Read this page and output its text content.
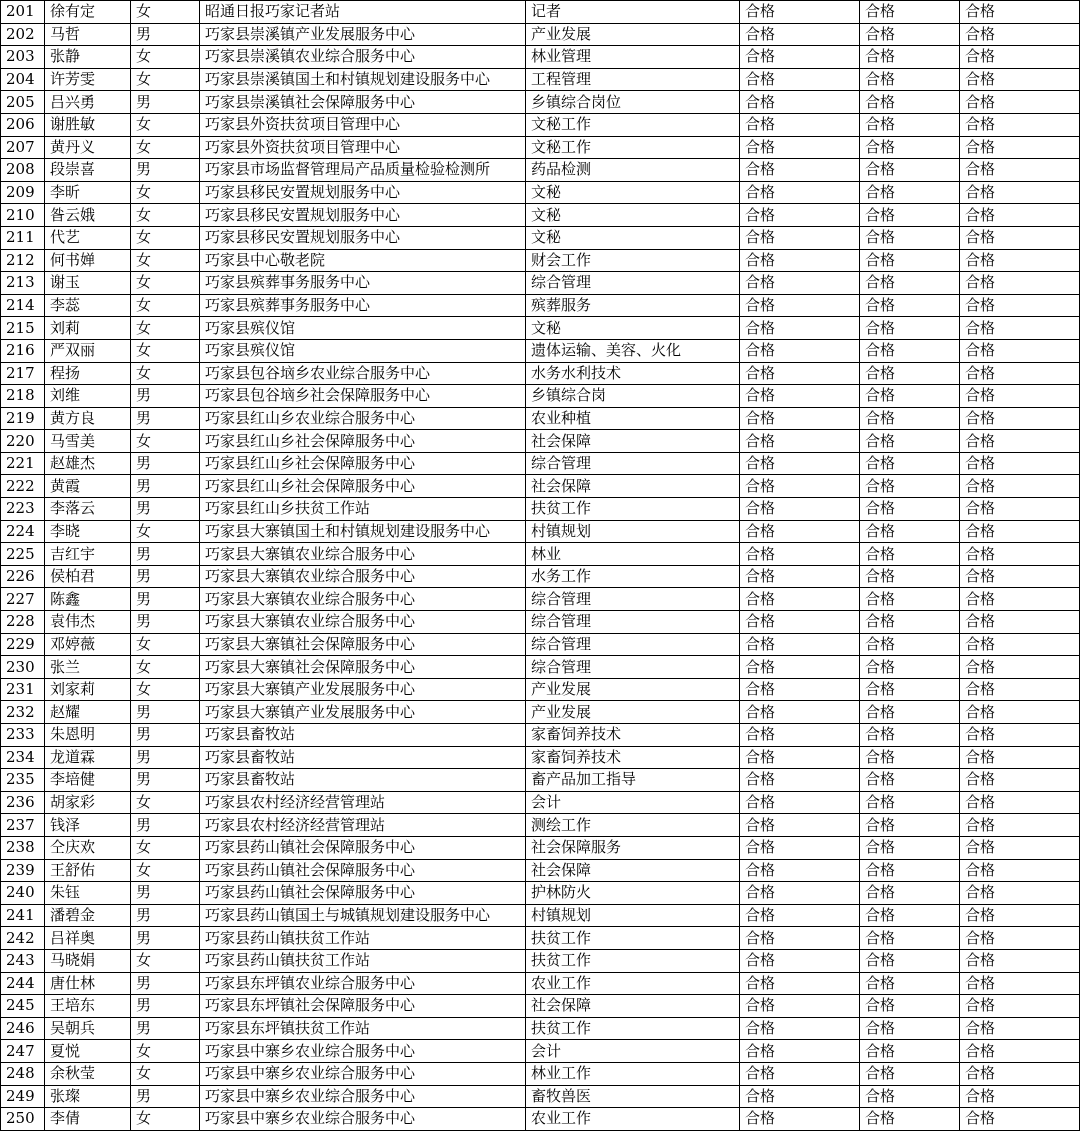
201	徐有定	女	昭通日报巧家记者站	记者	合格	合格	合格
202	马哲	男	巧家县崇溪镇产业发展服务中心	产业发展	合格	合格	合格
203	张静	女	巧家县崇溪镇农业综合服务中心	林业管理	合格	合格	合格
204	许芳雯	女	巧家县崇溪镇国土和村镇规划建设服务中心	工程管理	合格	合格	合格
205	吕兴勇	男	巧家县崇溪镇社会保障服务中心	乡镇综合岗位	合格	合格	合格
206	谢胜敏	女	巧家县外资扶贫项目管理中心	文秘工作	合格	合格	合格
207	黄丹义	女	巧家县外资扶贫项目管理中心	文秘工作	合格	合格	合格
208	段崇喜	男	巧家县市场监督管理局产品质量检验检测所	药品检测	合格	合格	合格
209	李昕	女	巧家县移民安置规划服务中心	文秘	合格	合格	合格
210	昝云娥	女	巧家县移民安置规划服务中心	文秘	合格	合格	合格
211	代艺	女	巧家县移民安置规划服务中心	文秘	合格	合格	合格
212	何书婵	女	巧家县中心敬老院	财会工作	合格	合格	合格
213	谢玉	女	巧家县殡葬事务服务中心	综合管理	合格	合格	合格
214	李蕊	女	巧家县殡葬事务服务中心	殡葬服务	合格	合格	合格
215	刘莉	女	巧家县殡仪馆	文秘	合格	合格	合格
216	严双丽	女	巧家县殡仪馆	遗体运输、美容、火化	合格	合格	合格
217	程扬	女	巧家县包谷垴乡农业综合服务中心	水务水利技术	合格	合格	合格
218	刘维	男	巧家县包谷垴乡社会保障服务中心	乡镇综合岗	合格	合格	合格
219	黄方良	男	巧家县红山乡农业综合服务中心	农业种植	合格	合格	合格
220	马雪美	女	巧家县红山乡社会保障服务中心	社会保障	合格	合格	合格
221	赵雄杰	男	巧家县红山乡社会保障服务中心	综合管理	合格	合格	合格
222	黄霞	男	巧家县红山乡社会保障服务中心	社会保障	合格	合格	合格
223	李落云	男	巧家县红山乡扶贫工作站	扶贫工作	合格	合格	合格
224	李晓	女	巧家县大寨镇国土和村镇规划建设服务中心	村镇规划	合格	合格	合格
225	吉红宇	男	巧家县大寨镇农业综合服务中心	林业	合格	合格	合格
226	侯柏君	男	巧家县大寨镇农业综合服务中心	水务工作	合格	合格	合格
227	陈鑫	男	巧家县大寨镇农业综合服务中心	综合管理	合格	合格	合格
228	袁伟杰	男	巧家县大寨镇农业综合服务中心	综合管理	合格	合格	合格
229	邓婷薇	女	巧家县大寨镇社会保障服务中心	综合管理	合格	合格	合格
230	张兰	女	巧家县大寨镇社会保障服务中心	综合管理	合格	合格	合格
231	刘家莉	女	巧家县大寨镇产业发展服务中心	产业发展	合格	合格	合格
232	赵耀	男	巧家县大寨镇产业发展服务中心	产业发展	合格	合格	合格
233	朱恩明	男	巧家县畜牧站	家畜饲养技术	合格	合格	合格
234	龙道霖	男	巧家县畜牧站	家畜饲养技术	合格	合格	合格
235	李培健	男	巧家县畜牧站	畜产品加工指导	合格	合格	合格
236	胡家彩	女	巧家县农村经济经营管理站	会计	合格	合格	合格
237	钱泽	男	巧家县农村经济经营管理站	测绘工作	合格	合格	合格
238	仝庆欢	女	巧家县药山镇社会保障服务中心	社会保障服务	合格	合格	合格
239	王舒佑	女	巧家县药山镇社会保障服务中心	社会保障	合格	合格	合格
240	朱钰	男	巧家县药山镇社会保障服务中心	护林防火	合格	合格	合格
241	潘碧金	男	巧家县药山镇国土与城镇规划建设服务中心	村镇规划	合格	合格	合格
242	吕祥奥	男	巧家县药山镇扶贫工作站	扶贫工作	合格	合格	合格
243	马晓娟	女	巧家县药山镇扶贫工作站	扶贫工作	合格	合格	合格
244	唐仕林	男	巧家县东坪镇农业综合服务中心	农业工作	合格	合格	合格
245	王培东	男	巧家县东坪镇社会保障服务中心	社会保障	合格	合格	合格
246	吴朝兵	男	巧家县东坪镇扶贫工作站	扶贫工作	合格	合格	合格
247	夏悦	女	巧家县中寨乡农业综合服务中心	会计	合格	合格	合格
248	余秋莹	女	巧家县中寨乡农业综合服务中心	林业工作	合格	合格	合格
249	张璨	男	巧家县中寨乡农业综合服务中心	畜牧兽医	合格	合格	合格
250	李倩	女	巧家县中寨乡农业综合服务中心	农业工作	合格	合格	合格
